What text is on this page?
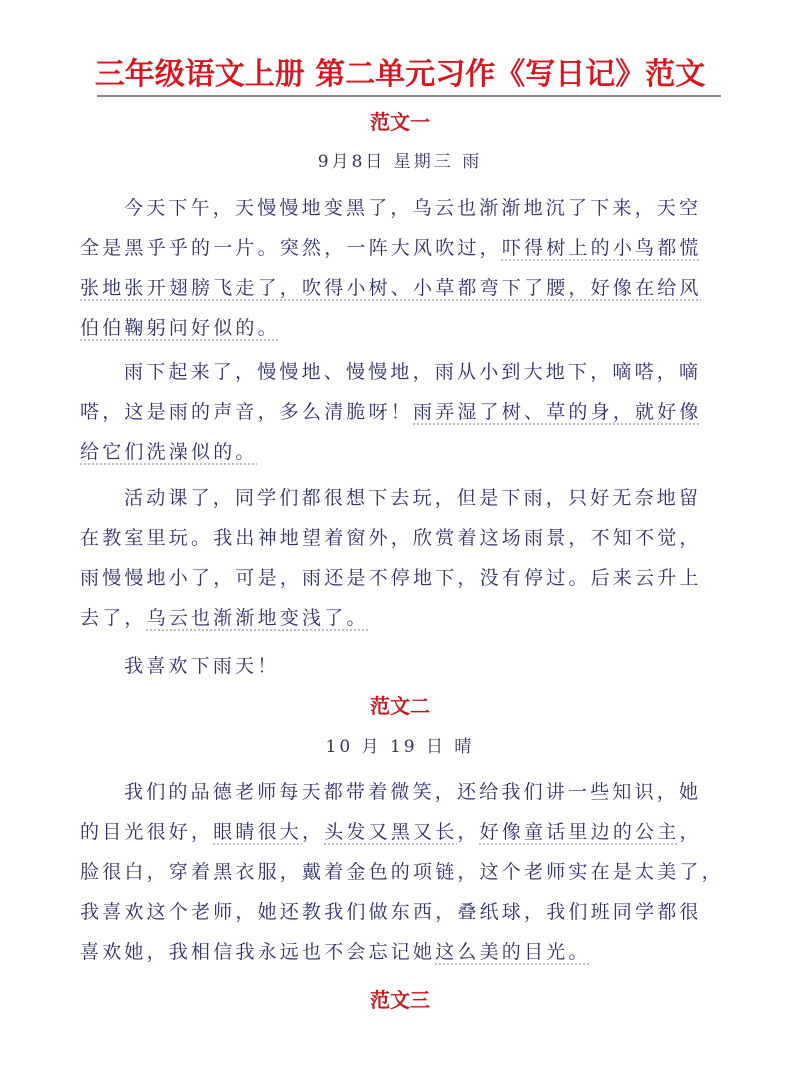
三年级语文上册 第二单元习作《写日记》范文
范文一
9月8日 星期三 雨
今天下午，天慢慢地变黑了，乌云也渐渐地沉了下来，天空
全是黑乎乎的一片。突然，一阵大风吹过，吓得树上的小鸟都慌
张地张开翅膀飞走了，吹得小树、小草都弯下了腰，好像在给风
伯伯鞠躬问好似的。
雨下起来了，慢慢地、慢慢地，雨从小到大地下，嘀嗒，嘀
嗒，这是雨的声音，多么清脆呀！雨弄湿了树、草的身，就好像
给它们洗澡似的。
活动课了，同学们都很想下去玩，但是下雨，只好无奈地留
在教室里玩。我出神地望着窗外，欣赏着这场雨景，不知不觉，
雨慢慢地小了，可是，雨还是不停地下，没有停过。后来云升上
去了，乌云也渐渐地变浅了。
我喜欢下雨天！
范文二
10 月 19 日 晴
我们的品德老师每天都带着微笑，还给我们讲一些知识，她
的目光很好，眼睛很大，头发又黑又长，好像童话里边的公主，
脸很白，穿着黑衣服，戴着金色的项链，这个老师实在是太美了，
我喜欢这个老师，她还教我们做东西，叠纸球，我们班同学都很
喜欢她，我相信我永远也不会忘记她这么美的目光。
范文三
